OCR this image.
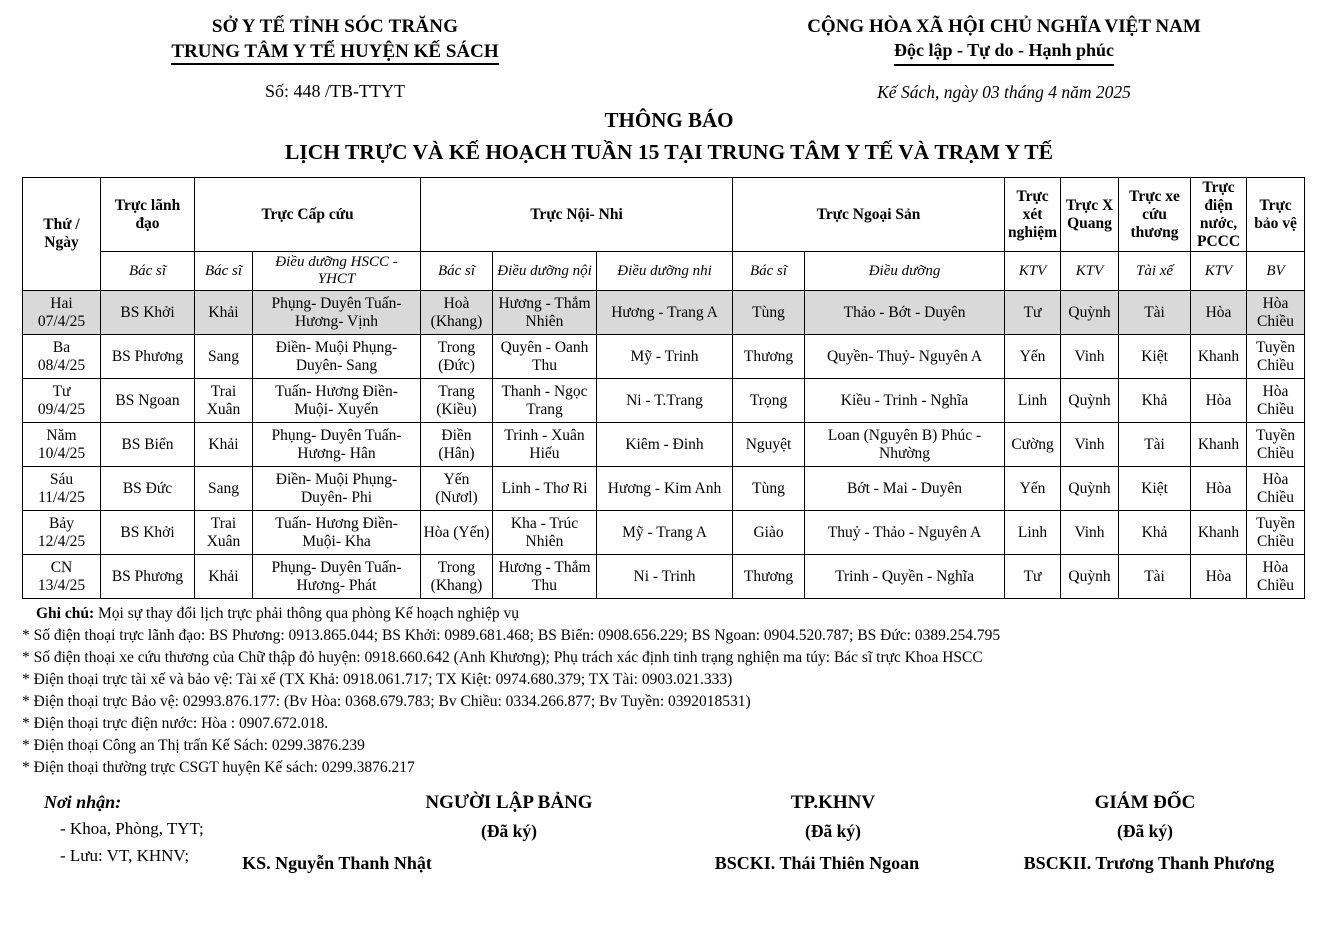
SỞ Y TẾ TỈNH SÓC TRĂNG
TRUNG TÂM Y TẾ HUYỆN KẾ SÁCH
Số: 448 /TB-TTYT
CỘNG HÒA XÃ HỘI CHỦ NGHĨA VIỆT NAM
Độc lập - Tự do - Hạnh phúc
Kế Sách, ngày 03 tháng 4 năm 2025
THÔNG BÁO
LỊCH TRỰC VÀ KẾ HOẠCH TUẦN 15 TẠI TRUNG TÂM Y TẾ VÀ TRẠM Y TẾ
Thứ / Ngày	Trực lãnh đạo	Trực Cấp cứu		Trực Nội- Nhi			Trực Ngoại Sản		Trực xét nghiệm	Trực X Quang	Trực xe cứu thương	Trực điện nước, PCCC	Trực bảo vệ
	Bác sĩ	Bác sĩ	Điều dưỡng HSCC - YHCT	Bác sĩ	Điều dưỡng nội	Điều dưỡng nhi	Bác sĩ	Điều dưỡng	KTV	KTV	Tài xế	KTV	BV

Hai
07/4/25	BS Khởi	Khải	Phụng- Duyên Tuấn- Hương- Vịnh	Hoà (Khang)	Hương - Thắm Nhiên	Hương - Trang A	Tùng	Thảo - Bớt - Duyên	Tư	Quỳnh	Tài	Hòa	Hòa Chiều

Ba
08/4/25	BS Phương	Sang	Điền- Muội Phụng- Duyên- Sang	Trong (Đức)	Quyên - Oanh Thu	Mỹ - Trinh	Thương	Quyền- Thuỷ- Nguyên A	Yến	Vinh	Kiệt	Khanh	Tuyền Chiều

Tư
09/4/25	BS Ngoan	Trai Xuân	Tuấn- Hương Điền- Muội- Xuyến	Trang (Kiều)	Thanh - Ngọc Trang	Ni - T.Trang	Trọng	Kiều - Trinh - Nghĩa	Linh	Quỳnh	Khả	Hòa	Hòa Chiều

Năm
10/4/25	BS Biển	Khải	Phụng- Duyên Tuấn- Hương- Hân	Điền (Hân)	Trinh - Xuân Hiếu	Kiêm - Đinh	Nguyệt	Loan (Nguyên B) Phúc - Nhường	Cường	Vinh	Tài	Khanh	Tuyền Chiều

Sáu
11/4/25	BS Đức	Sang	Điền- Muội Phụng- Duyên- Phi	Yến (Nươl)	Linh - Thơ Ri	Hương - Kim Anh	Tùng	Bớt - Mai - Duyên	Yến	Quỳnh	Kiệt	Hòa	Hòa Chiều

Bảy
12/4/25	BS Khởi	Trai Xuân	Tuấn- Hương Điền- Muội- Kha	Hòa (Yến)	Kha - Trúc Nhiên	Mỹ - Trang A	Giào	Thuỷ - Thảo - Nguyên A	Linh	Vinh	Khả	Khanh	Tuyền Chiều

CN
13/4/25	BS Phương	Khải	Phụng- Duyên Tuấn- Hương- Phát	Trong (Khang)	Hương - Thắm Thu	Ni - Trinh	Thương	Trinh - Quyền - Nghĩa	Tư	Quỳnh	Tài	Hòa	Hòa Chiều
Ghi chú: Mọi sự thay đổi lịch trực phải thông qua phòng Kế hoạch nghiệp vụ
* Số điện thoại trực lãnh đạo: BS Phương: 0913.865.044; BS Khởi: 0989.681.468; BS Biển: 0908.656.229; BS Ngoan: 0904.520.787; BS Đức: 0389.254.795
* Số điện thoại xe cứu thương của Chữ thập đỏ huyện: 0918.660.642 (Anh Khương); Phụ trách xác định tinh trạng nghiện ma túy: Bác sĩ trực Khoa HSCC
* Điện thoại trực tài xế và bảo vệ: Tài xế (TX Khả: 0918.061.717; TX Kiệt: 0974.680.379; TX Tài: 0903.021.333)
* Điện thoại trực Bảo vệ: 02993.876.177: (Bv Hòa: 0368.679.783; Bv Chiều: 0334.266.877; Bv Tuyền: 0392018531)
* Điện thoại trực điện nước: Hòa : 0907.672.018.
* Điện thoại Công an Thị trấn Kế Sách: 0299.3876.239
* Điện thoại thường trực CSGT huyện Kế sách: 0299.3876.217
Nơi nhận:
- Khoa, Phòng, TYT;
- Lưu: VT, KHNV;
NGƯỜI LẬP BẢNG
(Đã ký)
TP.KHNV
(Đã ký)
GIÁM ĐỐC
(Đã ký)
KS. Nguyễn Thanh Nhật	BSCKI. Thái Thiên Ngoan	BSCKII. Trương Thanh Phương
